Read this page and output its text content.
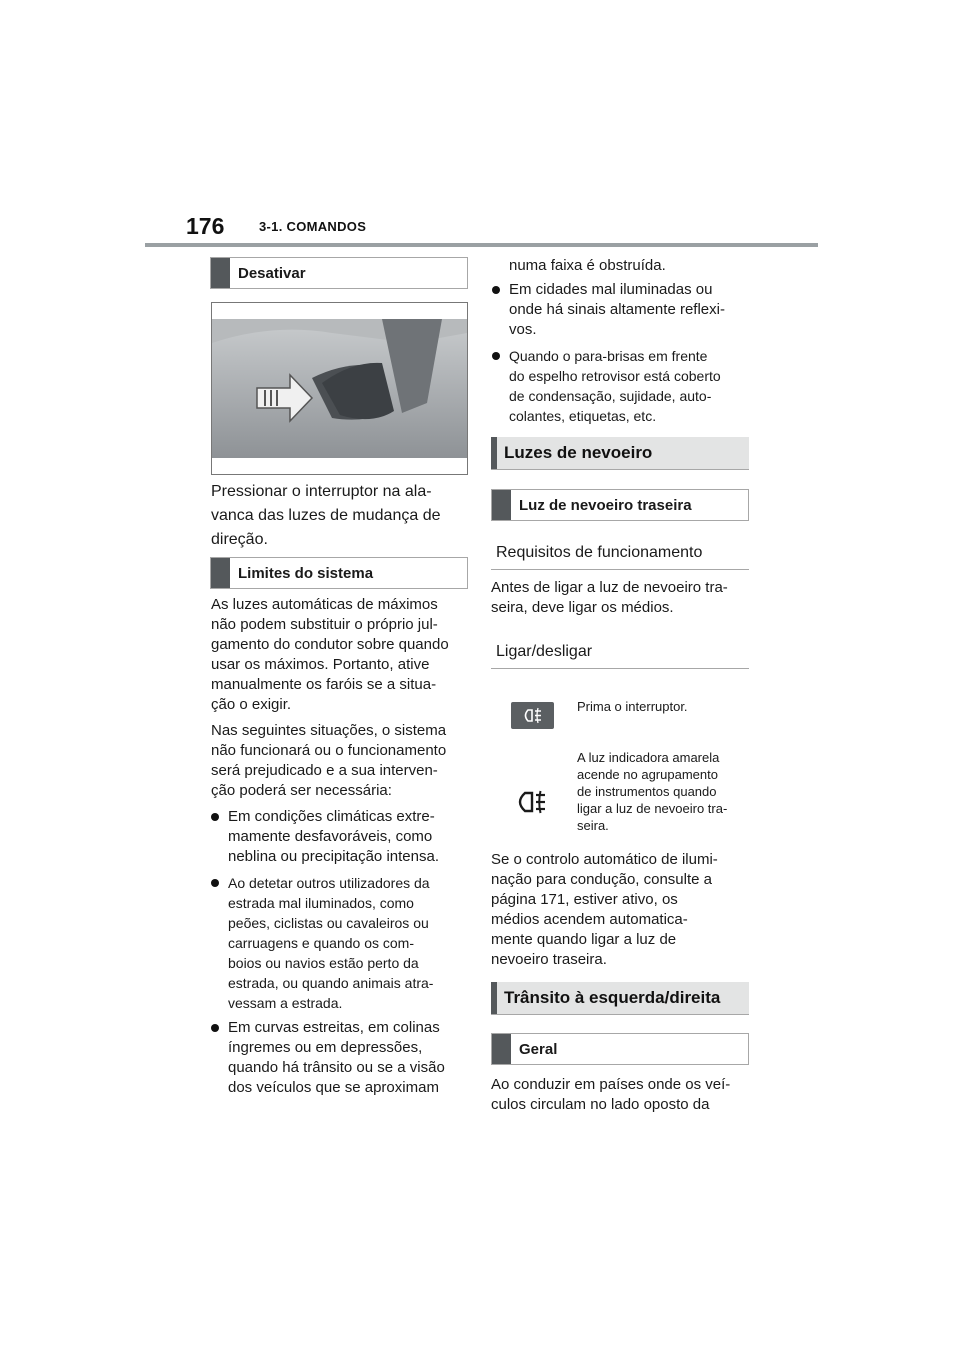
176	3-1. COMANDOS
Desativar
Pressionar o interruptor na ala-
vanca das luzes de mudança de
direção.
Limites do sistema
As luzes automáticas de máximos
não podem substituir o próprio jul-
gamento do condutor sobre quando
usar os máximos. Portanto, ative
manualmente os faróis se a situa-
ção o exigir.
Nas seguintes situações, o sistema
não funcionará ou o funcionamento
será prejudicado e a sua interven-
ção poderá ser necessária:
Em condições climáticas extre-
mamente desfavoráveis, como
neblina ou precipitação intensa.
Ao detetar outros utilizadores da
estrada mal iluminados, como
peões, ciclistas ou cavaleiros ou
carruagens e quando os com-
boios ou navios estão perto da
estrada, ou quando animais atra-
vessam a estrada.
Em curvas estreitas, em colinas
íngremes ou em depressões,
quando há trânsito ou se a visão
dos veículos que se aproximam
numa faixa é obstruída.
Em cidades mal iluminadas ou
onde há sinais altamente reflexi-
vos.
Quando o para-brisas em frente
do espelho retrovisor está coberto
de condensação, sujidade, auto-
colantes, etiquetas, etc.
Luzes de nevoeiro
Luz de nevoeiro traseira
Requisitos de funcionamento
Antes de ligar a luz de nevoeiro tra-
seira, deve ligar os médios.
Ligar/desligar
Prima o interruptor.
A luz indicadora amarela
acende no agrupamento
de instrumentos quando
ligar a luz de nevoeiro tra-
seira.
Se o controlo automático de ilumi-
nação para condução, consulte a
página 171, estiver ativo, os
médios acendem automatica-
mente quando ligar a luz de
nevoeiro traseira.
Trânsito à esquerda/direita
Geral
Ao conduzir em países onde os veí-
culos circulam no lado oposto da
